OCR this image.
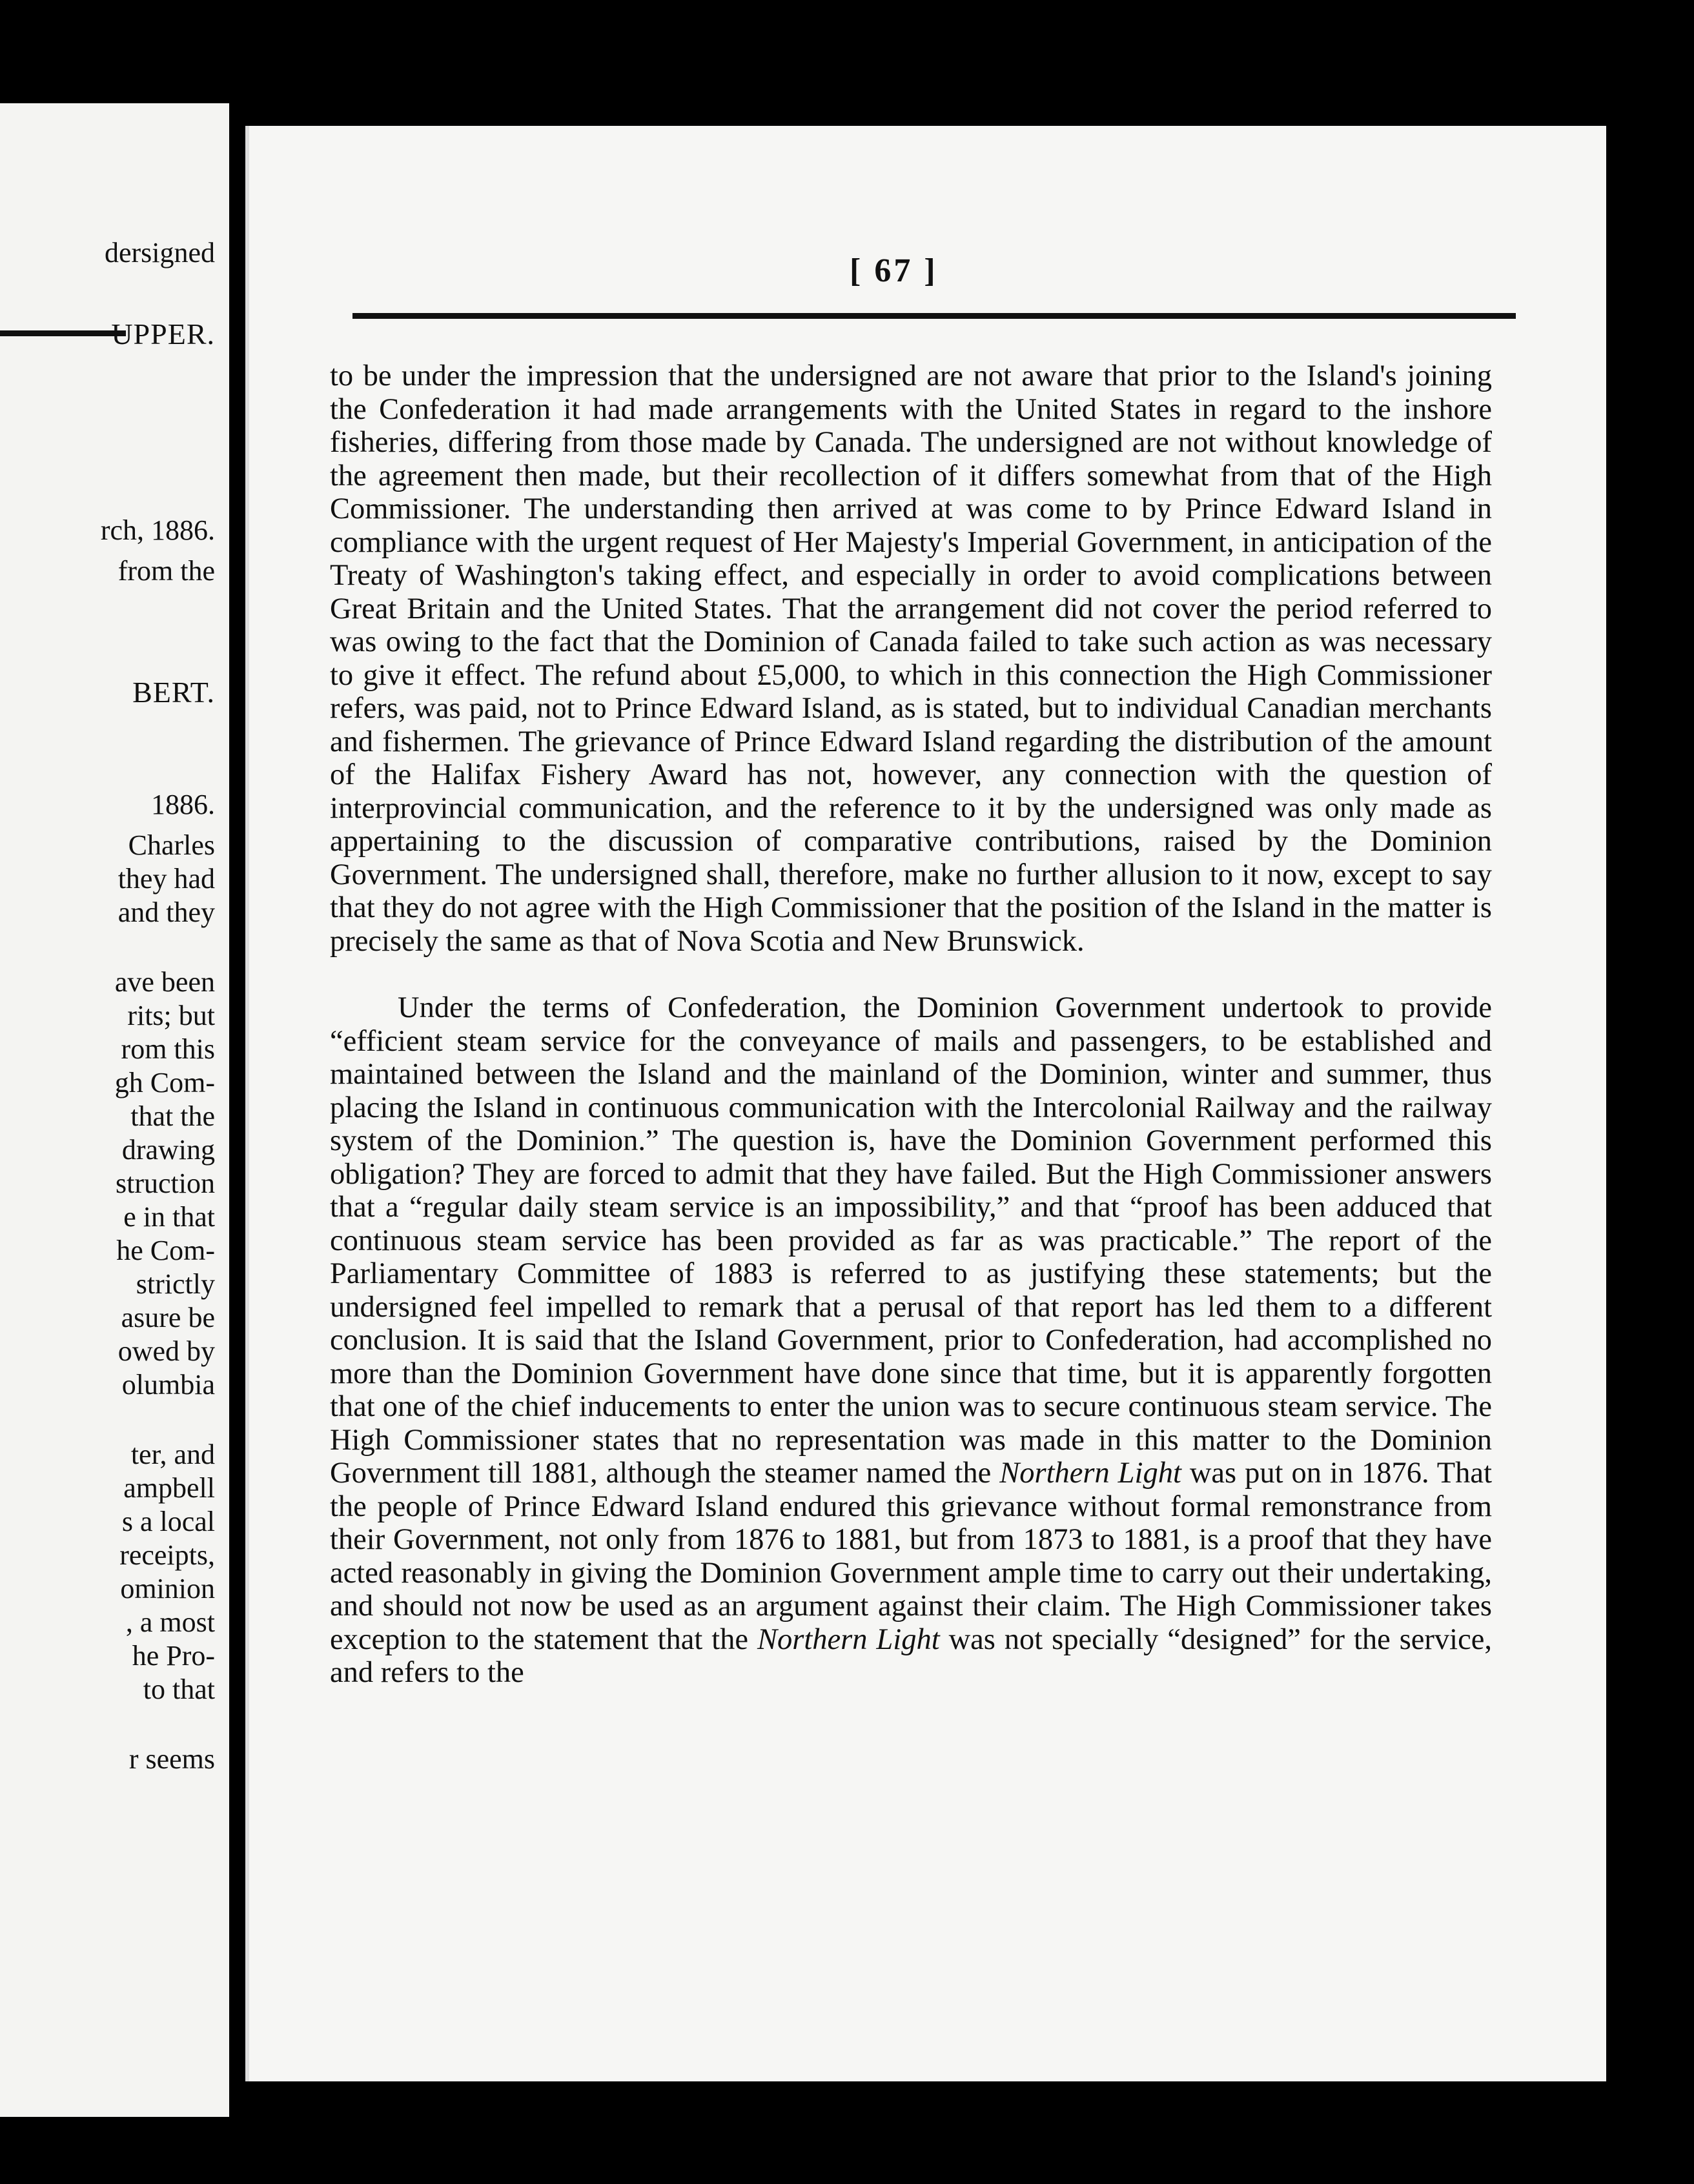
dersigned
UPPER.
rch, 1886.
from the
BERT.
1886.
Charles
they had
and they
ave been
rits; but
rom this
gh Com-
that the
drawing
struction
e in that
he Com-
strictly
asure be
owed by
olumbia
ter, and
ampbell
s a local
receipts,
ominion
, a most
he Pro-
to that
r seems
[ 67 ]

to be under the impression that the undersigned are not aware that prior to the Island's joining the Confederation it had made arrangements with the United States in regard to the inshore fisheries, differing from those made by Canada. The undersigned are not without knowledge of the agreement then made, but their recollection of it differs somewhat from that of the High Commissioner. The understanding then arrived at was come to by Prince Edward Island in compliance with the urgent request of Her Majesty's Imperial Government, in anticipation of the Treaty of Washington's taking effect, and especially in order to avoid complications between Great Britain and the United States. That the arrangement did not cover the period referred to was owing to the fact that the Dominion of Canada failed to take such action as was necessary to give it effect. The refund about £5,000, to which in this connection the High Commissioner refers, was paid, not to Prince Edward Island, as is stated, but to individual Canadian merchants and fishermen. The grievance of Prince Edward Island regarding the distribution of the amount of the Halifax Fishery Award has not, however, any connection with the question of interprovincial communication, and the reference to it by the undersigned was only made as appertaining to the discussion of comparative contributions, raised by the Dominion Government. The undersigned shall, therefore, make no further allusion to it now, except to say that they do not agree with the High Commissioner that the position of the Island in the matter is precisely the same as that of Nova Scotia and New Brunswick.

Under the terms of Confederation, the Dominion Government undertook to provide “efficient steam service for the conveyance of mails and passengers, to be established and maintained between the Island and the mainland of the Dominion, winter and summer, thus placing the Island in continuous communication with the Intercolonial Railway and the railway system of the Dominion.” The question is, have the Dominion Government performed this obligation? They are forced to admit that they have failed. But the High Commissioner answers that a “regular daily steam service is an impossibility,” and that “proof has been adduced that continuous steam service has been provided as far as was practicable.” The report of the Parliamentary Committee of 1883 is referred to as justifying these statements; but the undersigned feel impelled to remark that a perusal of that report has led them to a different conclusion. It is said that the Island Government, prior to Confederation, had accomplished no more than the Dominion Government have done since that time, but it is apparently forgotten that one of the chief inducements to enter the union was to secure continuous steam service. The High Commissioner states that no representation was made in this matter to the Dominion Government till 1881, although the steamer named the Northern Light was put on in 1876. That the people of Prince Edward Island endured this grievance without formal remonstrance from their Government, not only from 1876 to 1881, but from 1873 to 1881, is a proof that they have acted reasonably in giving the Dominion Government ample time to carry out their undertaking, and should not now be used as an argument against their claim. The High Commissioner takes exception to the statement that the Northern Light was not specially “designed” for the service, and refers to the
